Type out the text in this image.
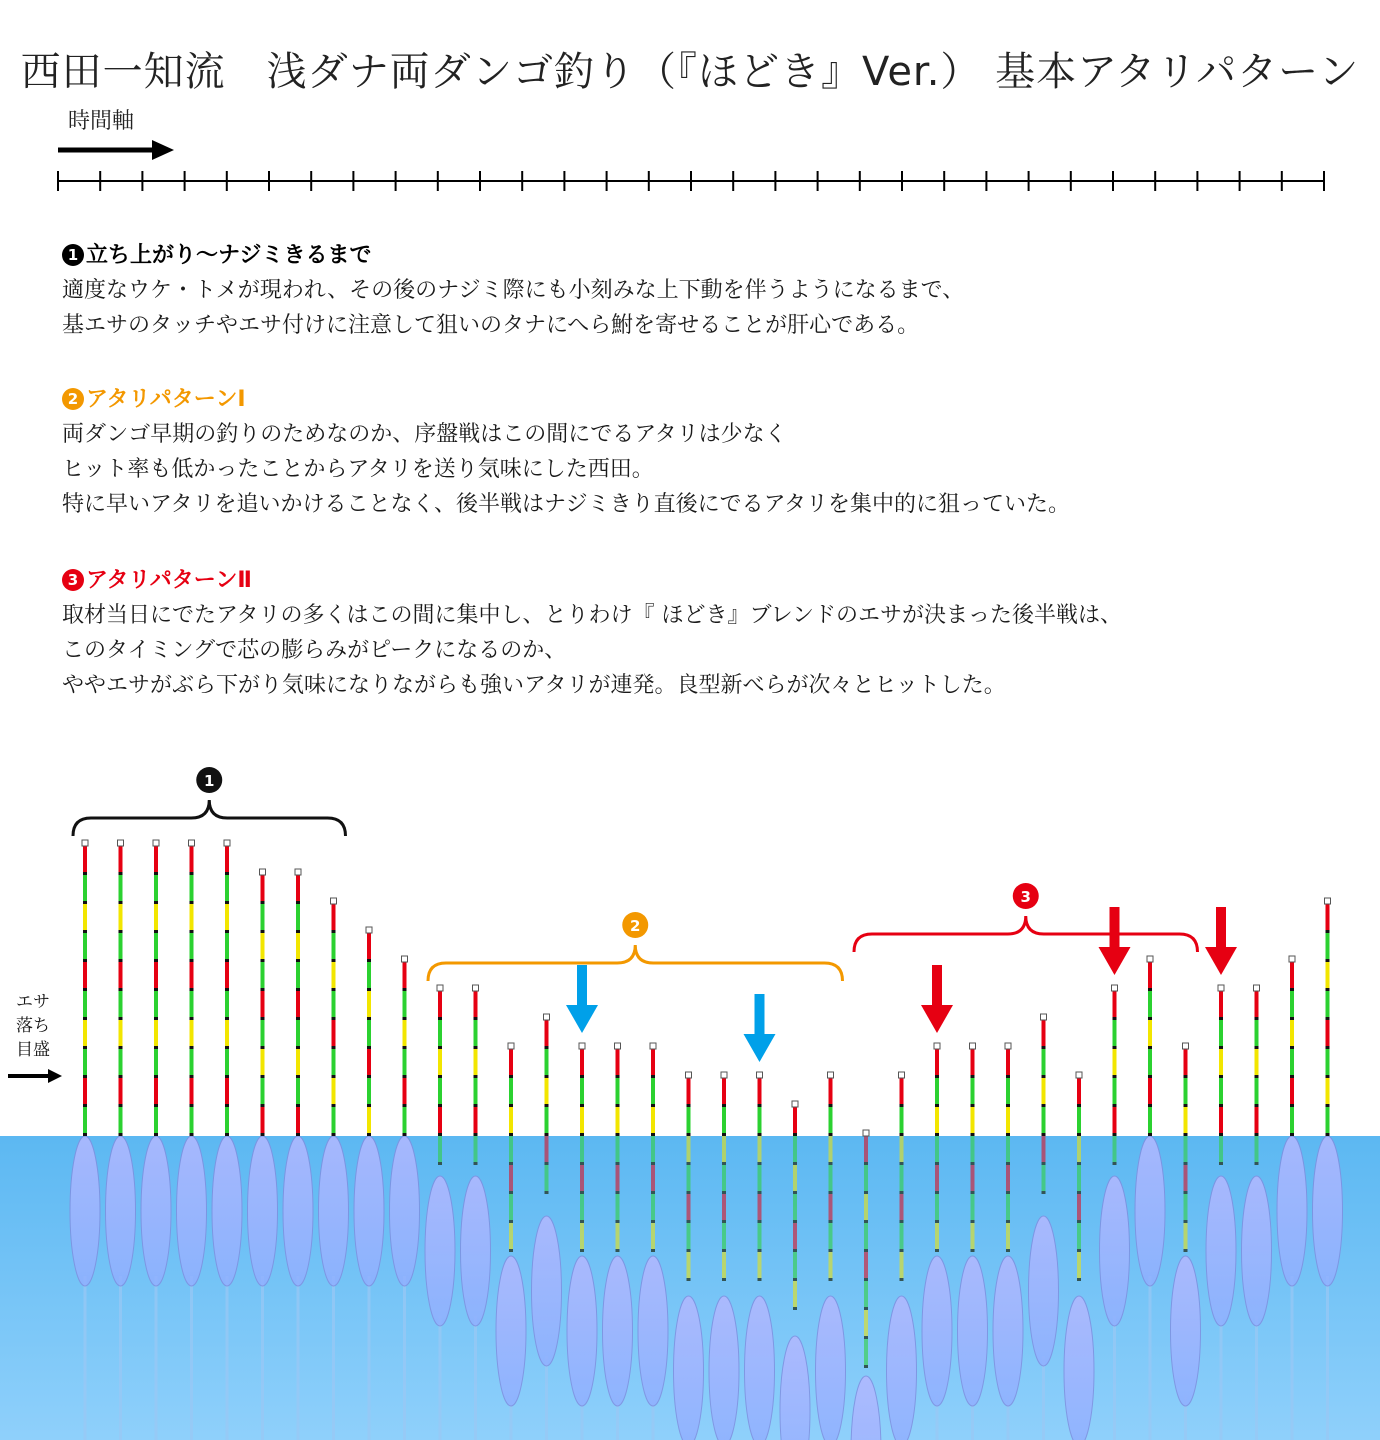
西田一知流　浅ダナ両ダンゴ釣り（『ほどき』Ver.） 基本アタリパターン
時間軸
1 立ち上がり〜ナジミきるまで

適度なウケ・トメが現われ、その後のナジミ際にも小刻みな上下動を伴うようになるまで、

基エサのタッチやエサ付けに注意して狙いのタナにへら鮒を寄せることが肝心である。

2 アタリパターンⅠ

両ダンゴ早期の釣りのためなのか、序盤戦はこの間にでるアタリは少なく

ヒット率も低かったことからアタリを送り気味にした西田。

特に早いアタリを追いかけることなく、後半戦はナジミきり直後にでるアタリを集中的に狙っていた。

3 アタリパターンⅡ

取材当日にでたアタリの多くはこの間に集中し、とりわけ『 ほどき』ブレンドのエサが決まった後半戦は、

このタイミングで芯の膨らみがピークになるのか、

ややエサがぶら下がり気味になりながらも強いアタリが連発。良型新べらが次々とヒットした。

エサ
落ち
目盛
1
2
3
